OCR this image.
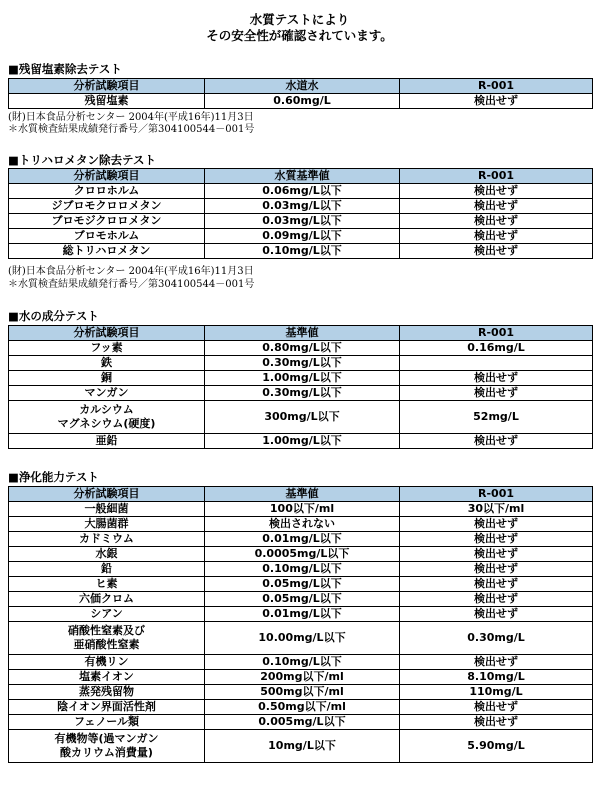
水質テストにより
その安全性が確認されています。
■残留塩素除去テスト
分析試験項目	水道水	R-001
残留塩素	0.60mg/L	検出せず
(財)日本食品分析センター 2004年(平成16年)11月3日
＊水質検査結果成績発行番号／第304100544－001号
■トリハロメタン除去テスト
分析試験項目	水質基準値	R-001
クロロホルム	0.06mg/L以下	検出せず
ジブロモクロロメタン	0.03mg/L以下	検出せず
ブロモジクロロメタン	0.03mg/L以下	検出せず
ブロモホルム	0.09mg/L以下	検出せず
総トリハロメタン	0.10mg/L以下	検出せず
(財)日本食品分析センター 2004年(平成16年)11月3日
＊水質検査結果成績発行番号／第304100544－001号
■水の成分テスト
分析試験項目	基準値	R-001
フッ素	0.80mg/L以下	0.16mg/L
鉄	0.30mg/L以下	
銅	1.00mg/L以下	検出せず
マンガン	0.30mg/L以下	検出せず
カルシウム
マグネシウム(硬度)	300mg/L以下	52mg/L
亜鉛	1.00mg/L以下	検出せず
■浄化能力テスト
分析試験項目	基準値	R-001
一般細菌	100以下/ml	30以下/ml
大腸菌群	検出されない	検出せず
カドミウム	0.01mg/L以下	検出せず
水銀	0.0005mg/L以下	検出せず
鉛	0.10mg/L以下	検出せず
ヒ素	0.05mg/L以下	検出せず
六価クロム	0.05mg/L以下	検出せず
シアン	0.01mg/L以下	検出せず
硝酸性窒素及び
亜硝酸性窒素	10.00mg/L以下	0.30mg/L
有機リン	0.10mg/L以下	検出せず
塩素イオン	200mg以下/ml	8.10mg/L
蒸発残留物	500mg以下/ml	110mg/L
陰イオン界面活性剤	0.50mg以下/ml	検出せず
フェノール類	0.005mg/L以下	検出せず
有機物等(過マンガン
酸カリウム消費量)	10mg/L以下	5.90mg/L
